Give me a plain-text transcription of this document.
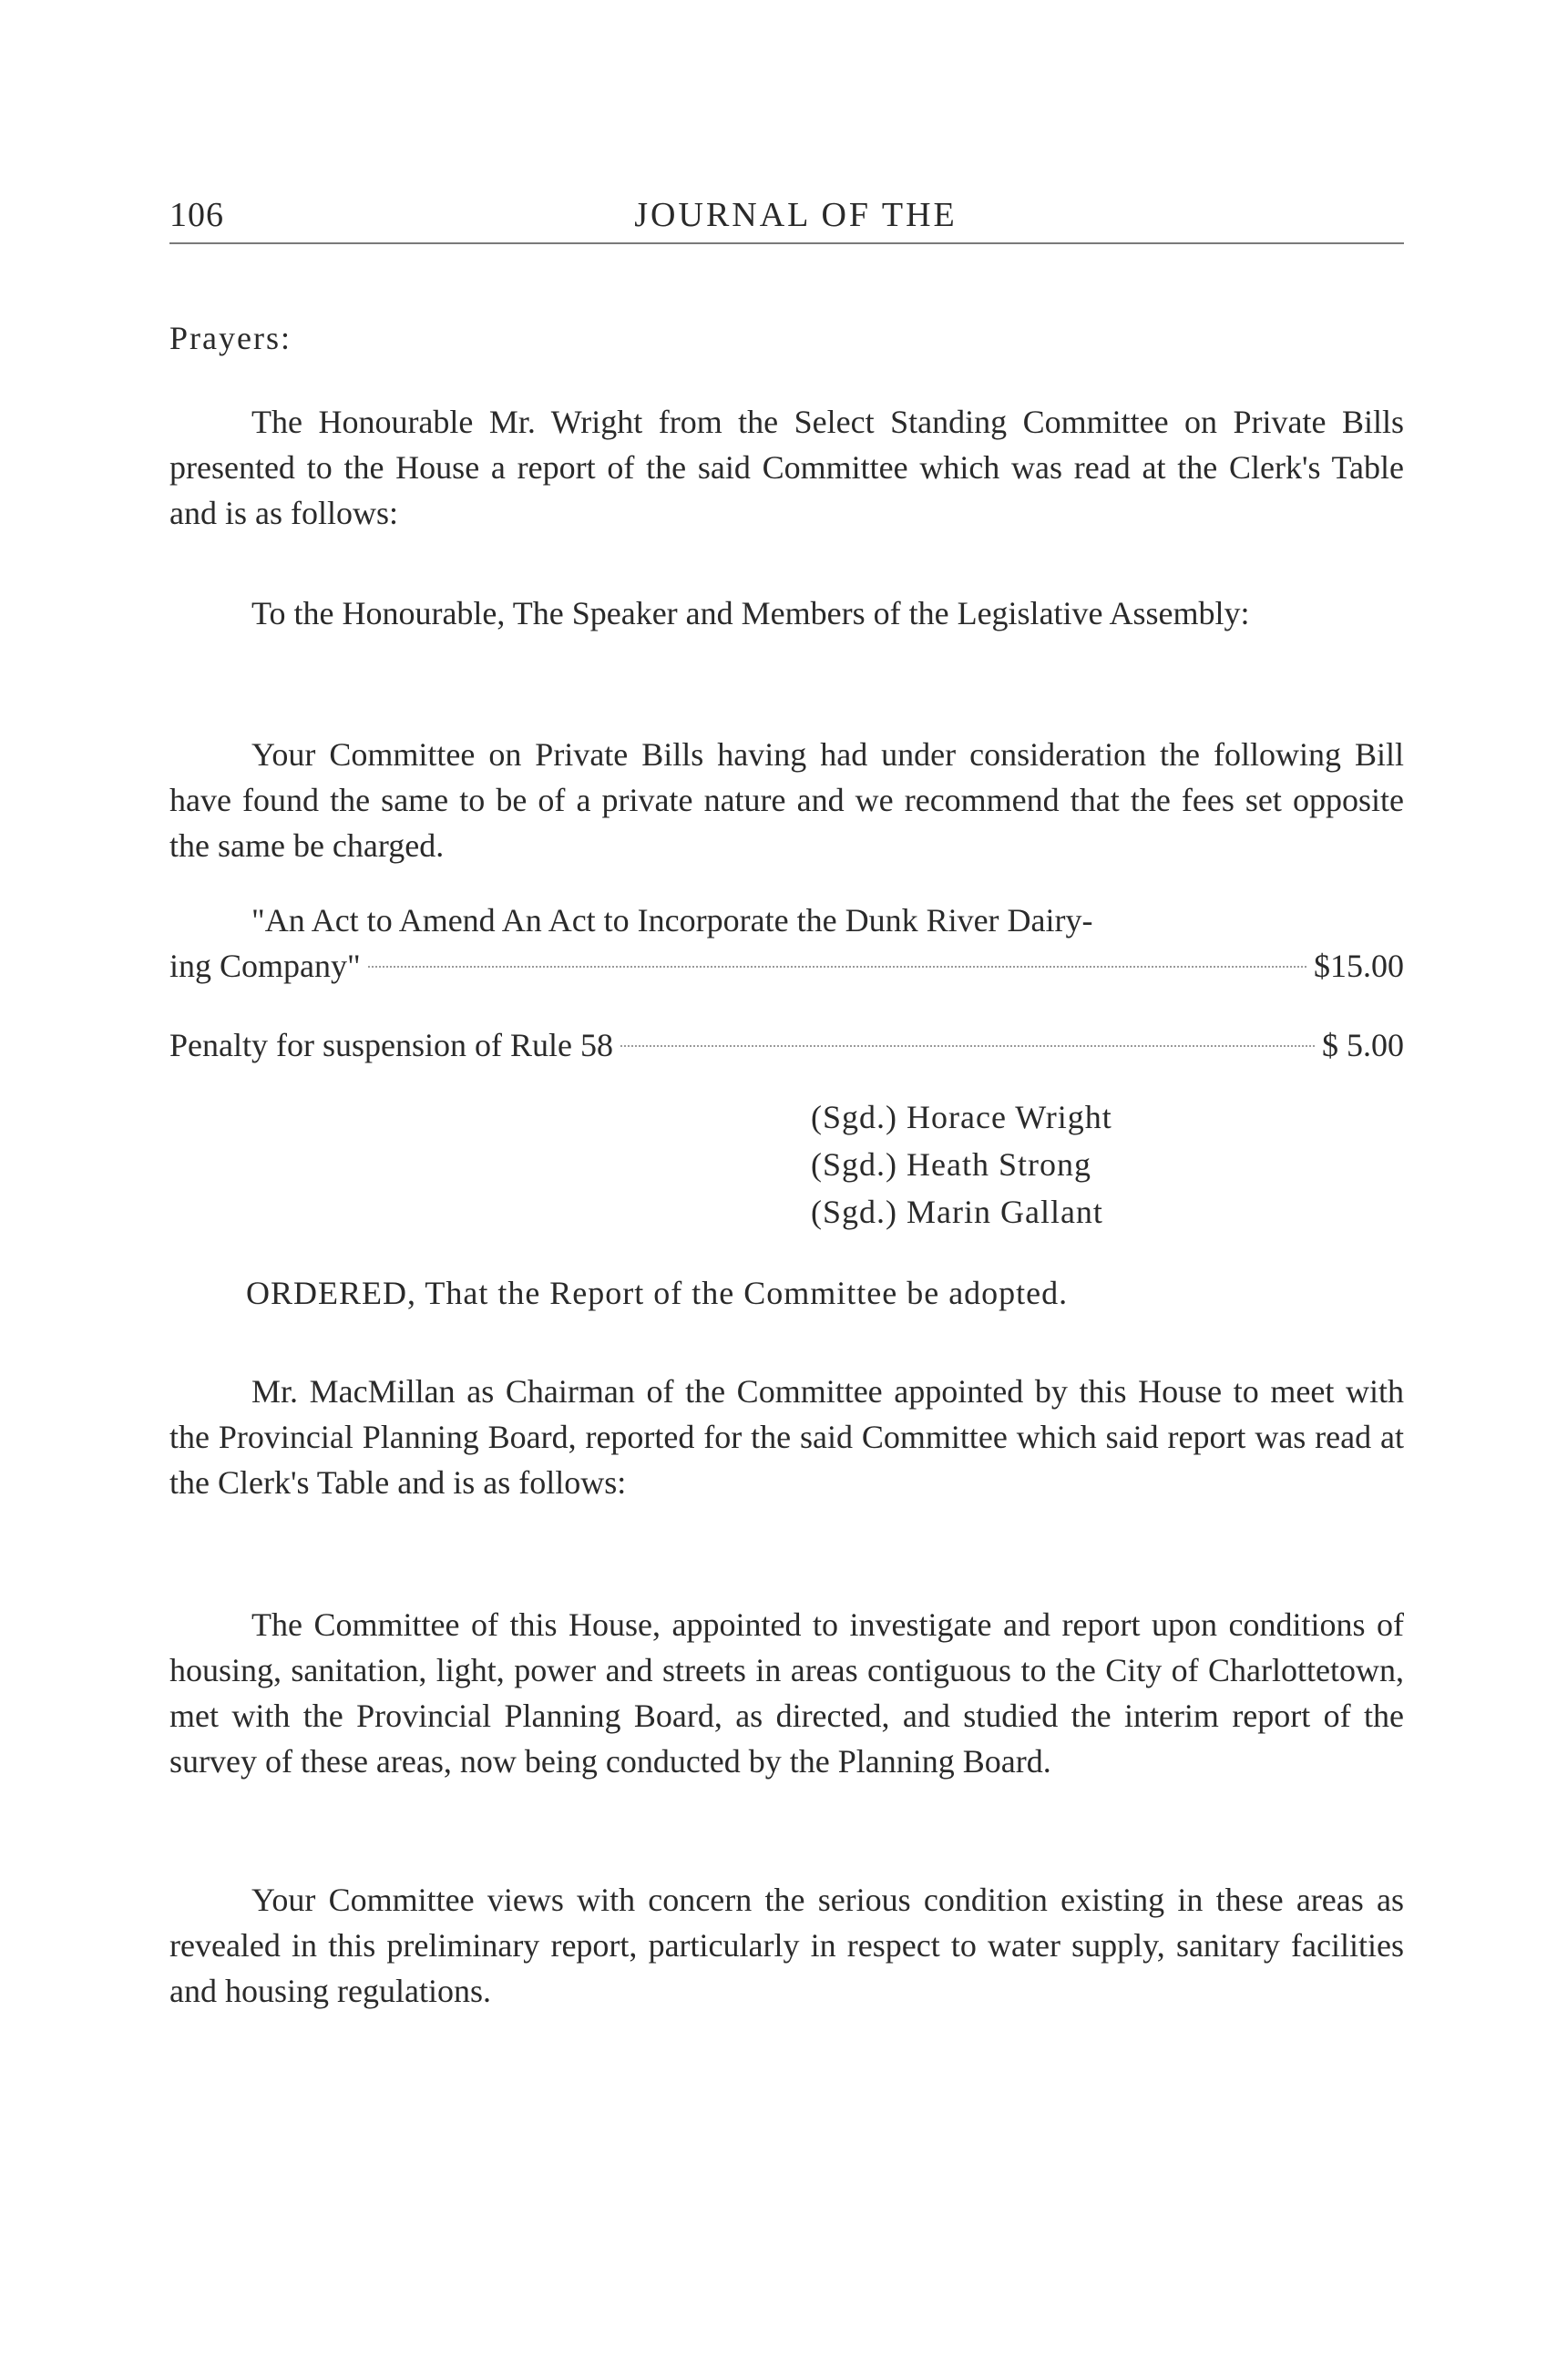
106	JOURNAL OF THE
Prayers:
The Honourable Mr. Wright from the Select Standing Committee on Private Bills presented to the House a report of the said Committee which was read at the Clerk's Table and is as follows:
To the Honourable, The Speaker and Members of the Legislative Assembly:
Your Committee on Private Bills having had under consideration the following Bill have found the same to be of a private nature and we recommend that the fees set opposite the same be charged.
"An Act to Amend An Act to Incorporate the Dunk River Dairy-
ing Company"	$15.00
Penalty for suspension of Rule 58	$ 5.00
(Sgd.) Horace Wright
(Sgd.) Heath Strong
(Sgd.) Marin Gallant
ORDERED, That the Report of the Committee be adopted.
Mr. MacMillan as Chairman of the Committee appointed by this House to meet with the Provincial Planning Board, reported for the said Committee which said report was read at the Clerk's Table and is as follows:
The Committee of this House, appointed to investigate and report upon conditions of housing, sanitation, light, power and streets in areas contiguous to the City of Charlottetown, met with the Provincial Planning Board, as directed, and studied the interim report of the survey of these areas, now being conducted by the Planning Board.
Your Committee views with concern the serious condition existing in these areas as revealed in this preliminary report, particularly in respect to water supply, sanitary facilities and housing regulations.
